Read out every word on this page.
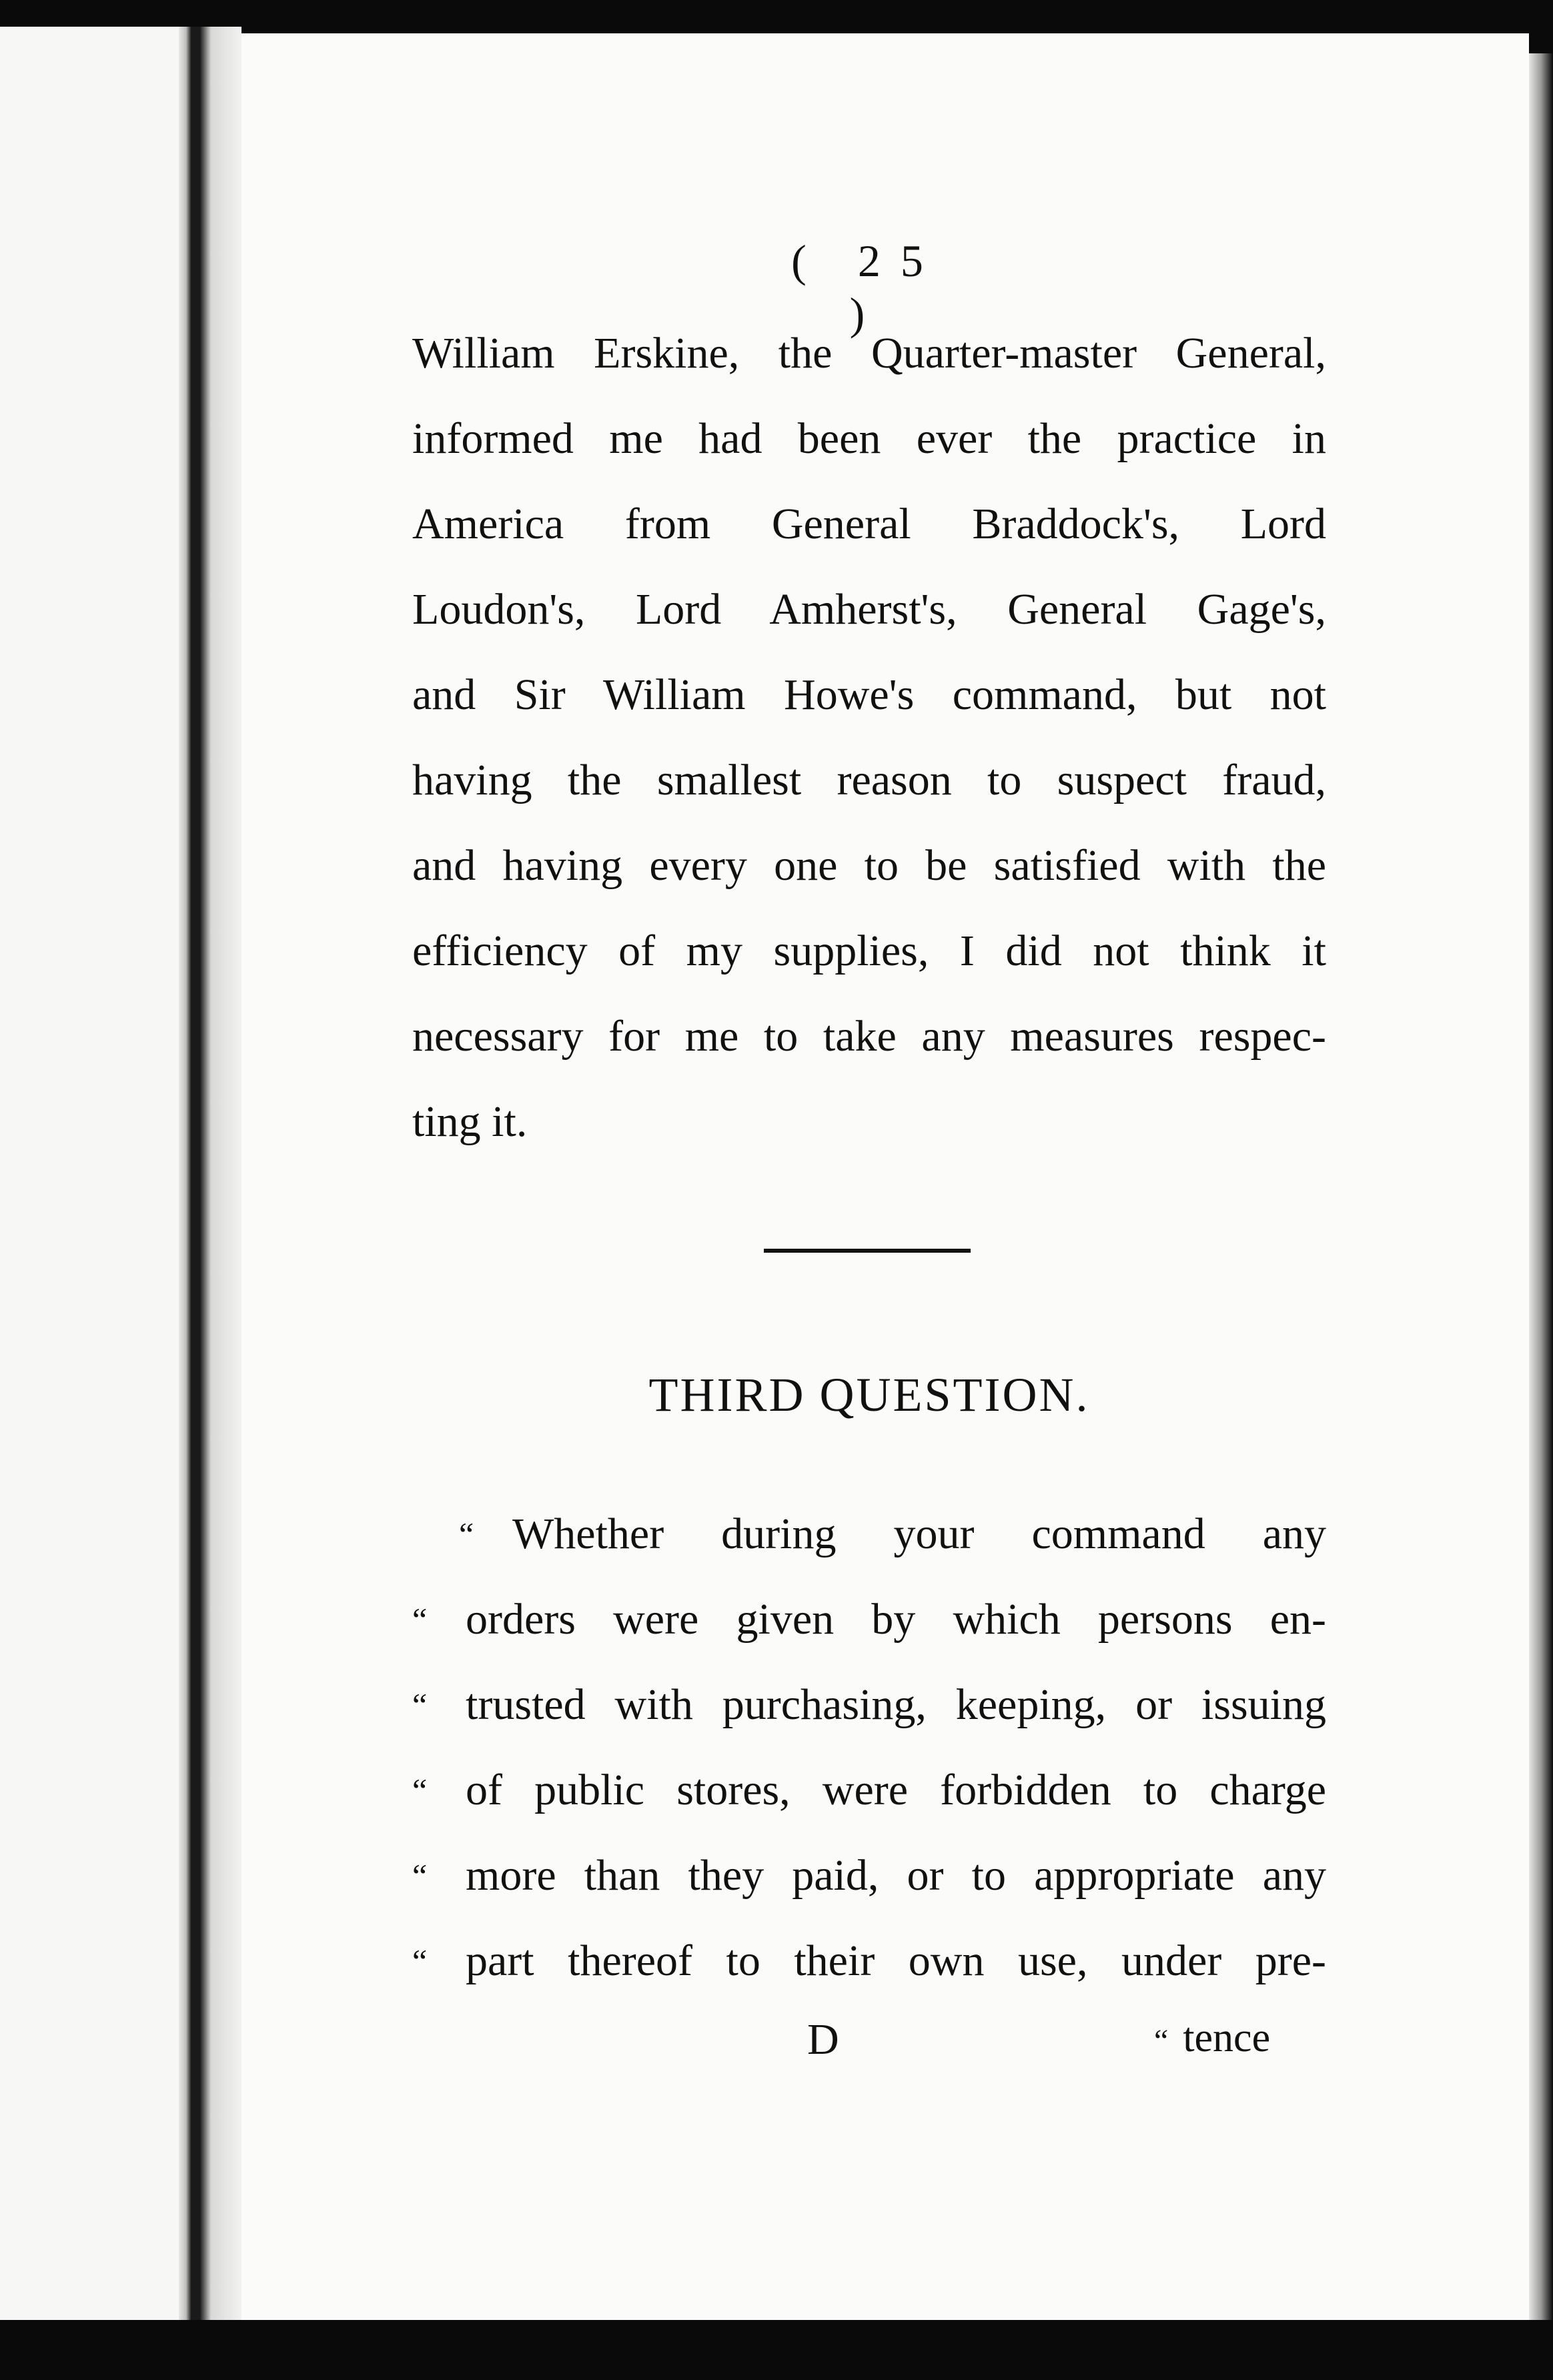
( 25 )
William Erskine, the Quarter-master General,
informed me had been ever the practice in
America from General Braddock's, Lord
Loudon's, Lord Amherst's, General Gage's,
and Sir William Howe's command, but not
having the smallest reason to suspect fraud,
and having every one to be satisfied with the
efficiency of my supplies, I did not think it
necessary for me to take any measures respec-
ting it.
THIRD QUESTION.
“ Whether during your command any
“ orders were given by which persons en-
“ trusted with purchasing, keeping, or issuing
“ of public stores, were forbidden to charge
“ more than they paid, or to appropriate any
“ part thereof to their own use, under pre-
D	“ tence
